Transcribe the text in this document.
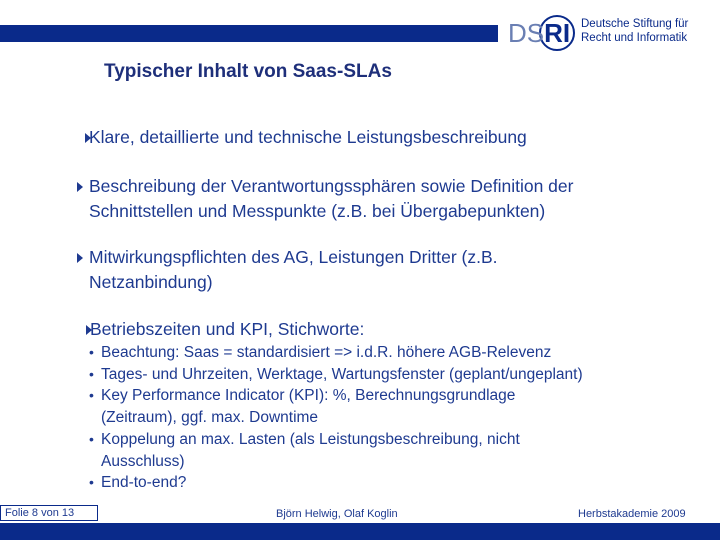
DSRI Deutsche Stiftung für
Recht und Informatik
Typischer Inhalt von Saas-SLAs
Klare, detaillierte und technische Leistungsbeschreibung
Beschreibung der Verantwortungssphären sowie Definition der
Schnittstellen und Messpunkte (z.B. bei Übergabepunkten)
Mitwirkungspflichten des AG, Leistungen Dritter (z.B.
Netzanbindung)
Betriebszeiten und KPI, Stichworte:
• Beachtung: Saas = standardisiert => i.d.R. höhere AGB-Relevenz
• Tages- und Uhrzeiten, Werktage, Wartungsfenster (geplant/ungeplant)
• Key Performance Indicator (KPI): %, Berechnungsgrundlage
(Zeitraum), ggf. max. Downtime
• Koppelung an max. Lasten (als Leistungsbeschreibung, nicht
Ausschluss)
• End-to-end?
Folie 8 von 13	Björn Helwig, Olaf Koglin	Herbstakademie 2009
